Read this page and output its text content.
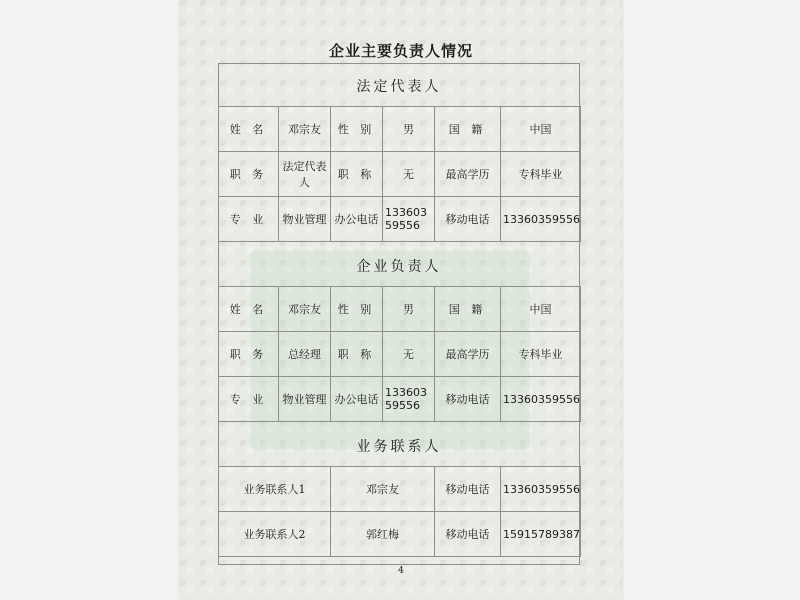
企业主要负责人情况
法定代表人
姓 名	邓宗友	性 别	男	国 籍	中国
职 务	法定代表人	职 称	无	最高学历	专科毕业
专 业	物业管理	办公电话	13360359556	移动电话	13360359556
企业负责人
姓 名	邓宗友	性 别	男	国 籍	中国
职 务	总经理	职 称	无	最高学历	专科毕业
专 业	物业管理	办公电话	13360359556	移动电话	13360359556
业务联系人
业务联系人1	邓宗友	移动电话	13360359556
业务联系人2	郭红梅	移动电话	15915789387
4
